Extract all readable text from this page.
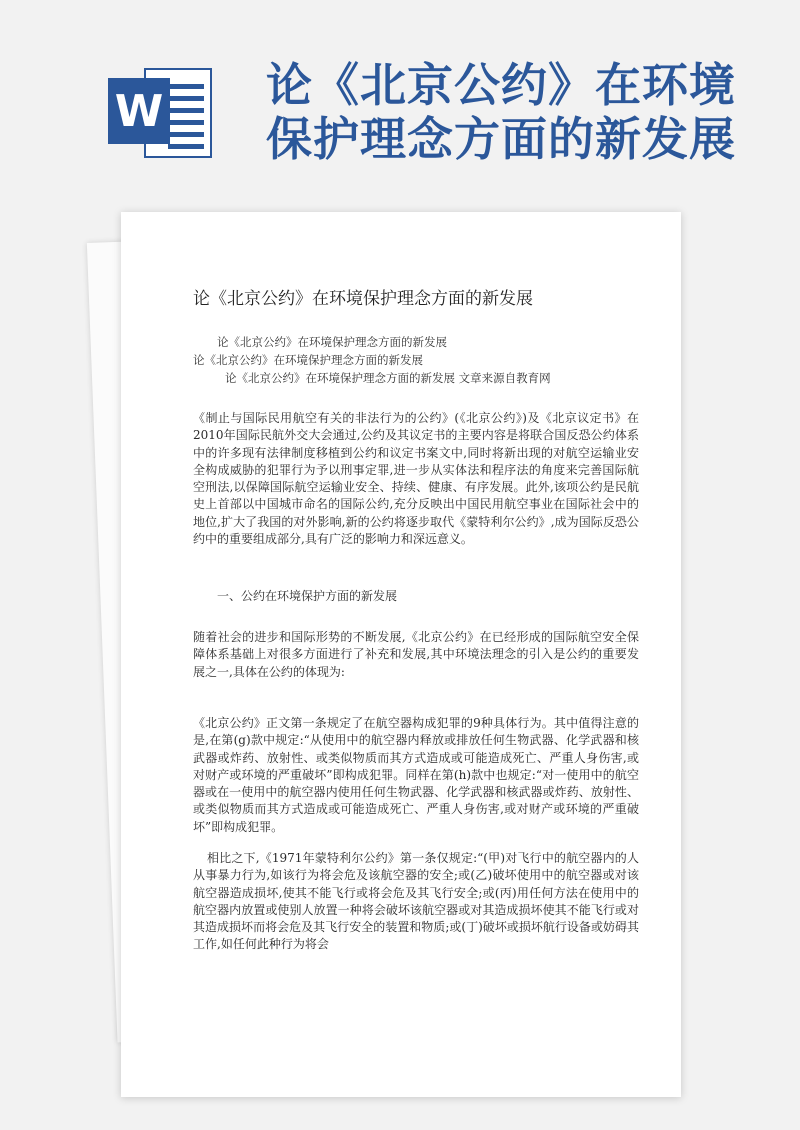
W 论《北京公约》在环境
保护理念方面的新发展
论《北京公约》在环境保护理念方面的新发展
论《北京公约》在环境保护理念方面的新发展
论《北京公约》在环境保护理念方面的新发展
论《北京公约》在环境保护理念方面的新发展 文章来源自教育网
《制止与国际民用航空有关的非法行为的公约》(《北京公约》)及《北京议定书》在2010年国际民航外交大会通过,公约及其议定书的主要内容是将联合国反恐公约体系中的许多现有法律制度移植到公约和议定书案文中,同时将新出现的对航空运输业安全构成威胁的犯罪行为予以刑事定罪,进一步从实体法和程序法的角度来完善国际航空刑法,以保障国际航空运输业安全、持续、健康、有序发展。此外,该项公约是民航史上首部以中国城市命名的国际公约,充分反映出中国民用航空事业在国际社会中的地位,扩大了我国的对外影响,新的公约将逐步取代《蒙特利尔公约》,成为国际反恐公约中的重要组成部分,具有广泛的影响力和深远意义。
一、公约在环境保护方面的新发展
随着社会的进步和国际形势的不断发展,《北京公约》在已经形成的国际航空安全保障体系基础上对很多方面进行了补充和发展,其中环境法理念的引入是公约的重要发展之一,具体在公约的体现为:
《北京公约》正文第一条规定了在航空器构成犯罪的9种具体行为。其中值得注意的是,在第(g)款中规定:“从使用中的航空器内释放或排放任何生物武器、化学武器和核武器或炸药、放射性、或类似物质而其方式造成或可能造成死亡、严重人身伤害,或对财产或环境的严重破坏”即构成犯罪。同样在第(h)款中也规定:“对一使用中的航空器或在一使用中的航空器内使用任何生物武器、化学武器和核武器或炸药、放射性、或类似物质而其方式造成或可能造成死亡、严重人身伤害,或对财产或环境的严重破坏”即构成犯罪。
相比之下,《1971年蒙特利尔公约》第一条仅规定:“(甲)对飞行中的航空器内的人从事暴力行为,如该行为将会危及该航空器的安全;或(乙)破坏使用中的航空器或对该航空器造成损坏,使其不能飞行或将会危及其飞行安全;或(丙)用任何方法在使用中的航空器内放置或使别人放置一种将会破坏该航空器或对其造成损坏使其不能飞行或对其造成损坏而将会危及其飞行安全的装置和物质;或(丁)破坏或损坏航行设备或妨碍其工作,如任何此种行为将会
